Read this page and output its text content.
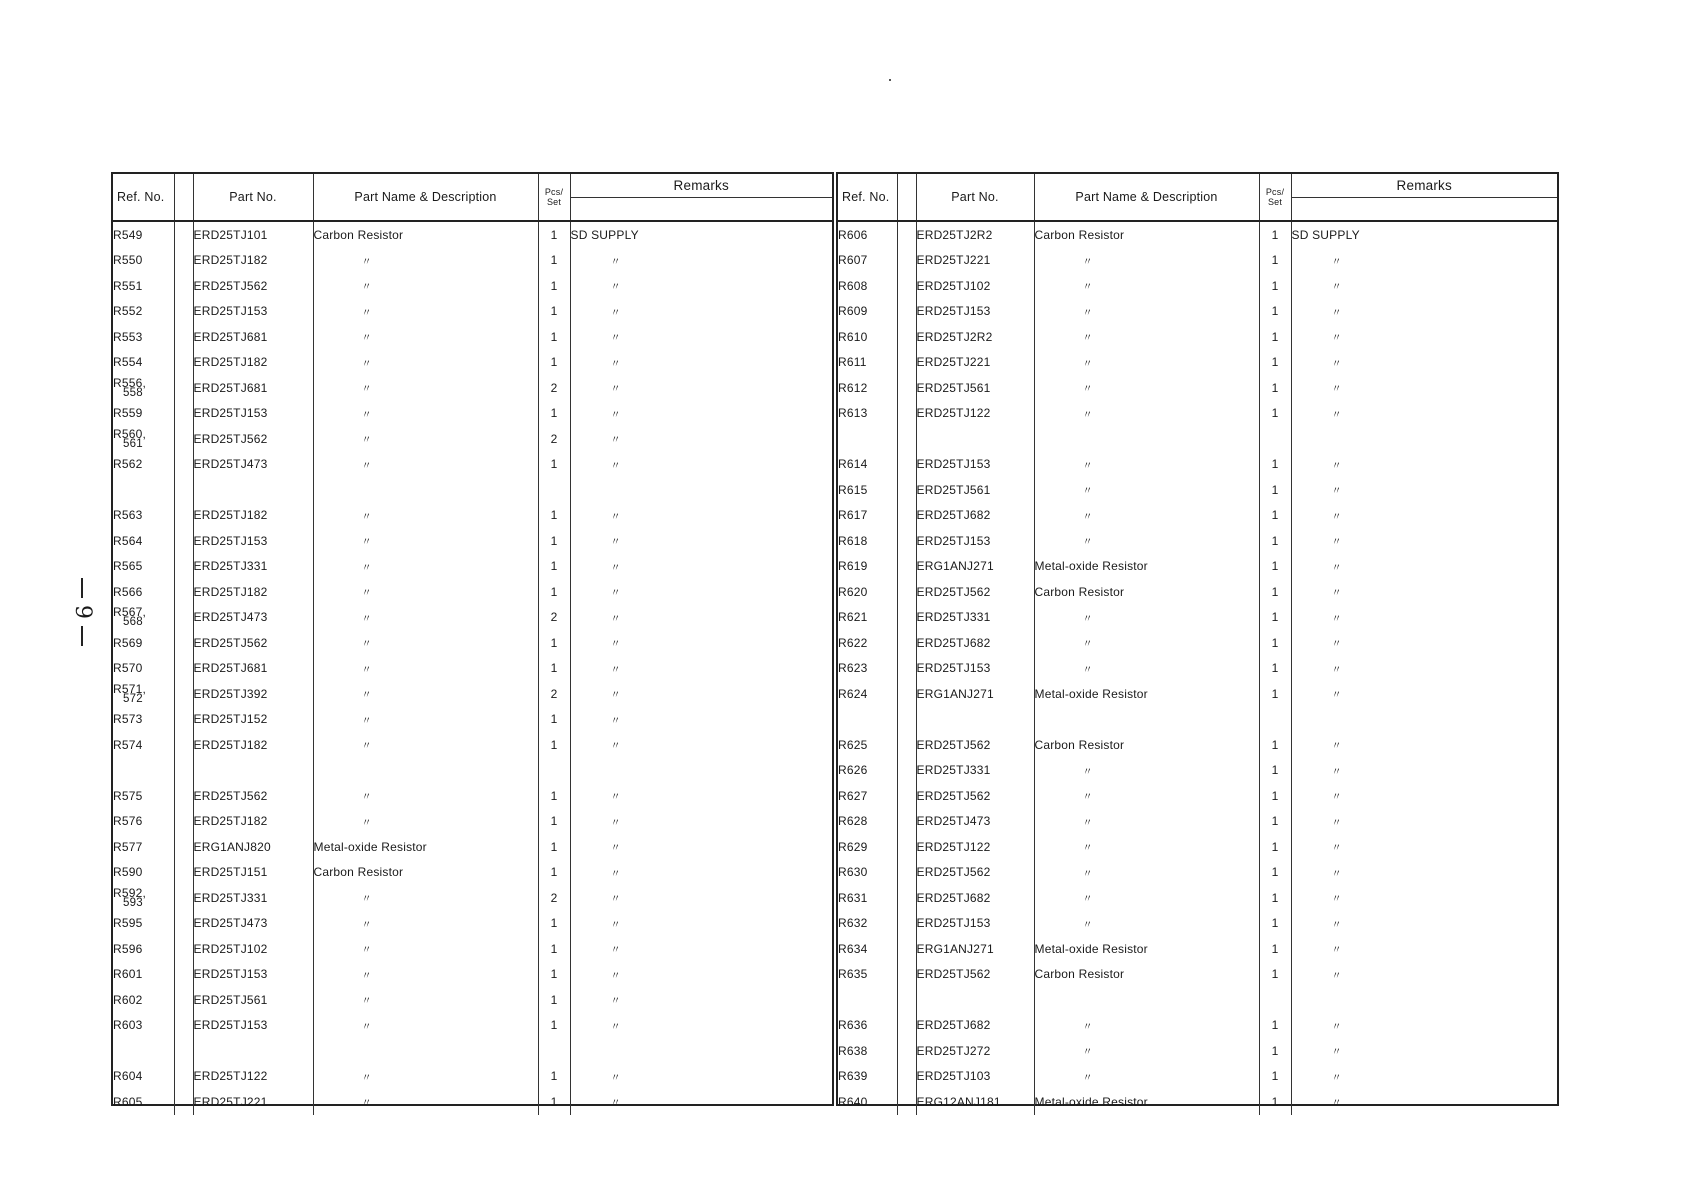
9
Ref. No.		Part No.	Part Name & Description	Pcs/
Set	Remarks

R549		ERD25TJ101	Carbon Resistor	1	SD SUPPLY
R550		ERD25TJ182	〃	1	〃
R551		ERD25TJ562	〃	1	〃
R552		ERD25TJ153	〃	1	〃
R553		ERD25TJ681	〃	1	〃
R554		ERD25TJ182	〃	1	〃
R556,
558		ERD25TJ681	〃	2	〃
R559		ERD25TJ153	〃	1	〃
R560,
561		ERD25TJ562	〃	2	〃
R562		ERD25TJ473	〃	1	〃

R563		ERD25TJ182	〃	1	〃
R564		ERD25TJ153	〃	1	〃
R565		ERD25TJ331	〃	1	〃
R566		ERD25TJ182	〃	1	〃
R567,
568		ERD25TJ473	〃	2	〃
R569		ERD25TJ562	〃	1	〃
R570		ERD25TJ681	〃	1	〃
R571,
572		ERD25TJ392	〃	2	〃
R573		ERD25TJ152	〃	1	〃
R574		ERD25TJ182	〃	1	〃

R575		ERD25TJ562	〃	1	〃
R576		ERD25TJ182	〃	1	〃
R577		ERG1ANJ820	Metal-oxide Resistor	1	〃
R590		ERD25TJ151	Carbon Resistor	1	〃
R592,
593		ERD25TJ331	〃	2	〃
R595		ERD25TJ473	〃	1	〃
R596		ERD25TJ102	〃	1	〃
R601		ERD25TJ153	〃	1	〃
R602		ERD25TJ561	〃	1	〃
R603		ERD25TJ153	〃	1	〃

R604		ERD25TJ122	〃	1	〃
R605		ERD25TJ221	〃	1	〃
Ref. No.		Part No.	Part Name & Description	Pcs/
Set	Remarks

R606		ERD25TJ2R2	Carbon Resistor	1	SD SUPPLY
R607		ERD25TJ221	〃	1	〃
R608		ERD25TJ102	〃	1	〃
R609		ERD25TJ153	〃	1	〃
R610		ERD25TJ2R2	〃	1	〃
R611		ERD25TJ221	〃	1	〃
R612		ERD25TJ561	〃	1	〃
R613		ERD25TJ122	〃	1	〃

R614		ERD25TJ153	〃	1	〃
R615		ERD25TJ561	〃	1	〃
R617		ERD25TJ682	〃	1	〃
R618		ERD25TJ153	〃	1	〃
R619		ERG1ANJ271	Metal-oxide Resistor	1	〃
R620		ERD25TJ562	Carbon Resistor	1	〃
R621		ERD25TJ331	〃	1	〃
R622		ERD25TJ682	〃	1	〃
R623		ERD25TJ153	〃	1	〃
R624		ERG1ANJ271	Metal-oxide Resistor	1	〃

R625		ERD25TJ562	Carbon Resistor	1	〃
R626		ERD25TJ331	〃	1	〃
R627		ERD25TJ562	〃	1	〃
R628		ERD25TJ473	〃	1	〃
R629		ERD25TJ122	〃	1	〃
R630		ERD25TJ562	〃	1	〃
R631		ERD25TJ682	〃	1	〃
R632		ERD25TJ153	〃	1	〃
R634		ERG1ANJ271	Metal-oxide Resistor	1	〃
R635		ERD25TJ562	Carbon Resistor	1	〃

R636		ERD25TJ682	〃	1	〃
R638		ERD25TJ272	〃	1	〃
R639		ERD25TJ103	〃	1	〃
R640		ERG12ANJ181	Metal-oxide Resistor	1	〃
